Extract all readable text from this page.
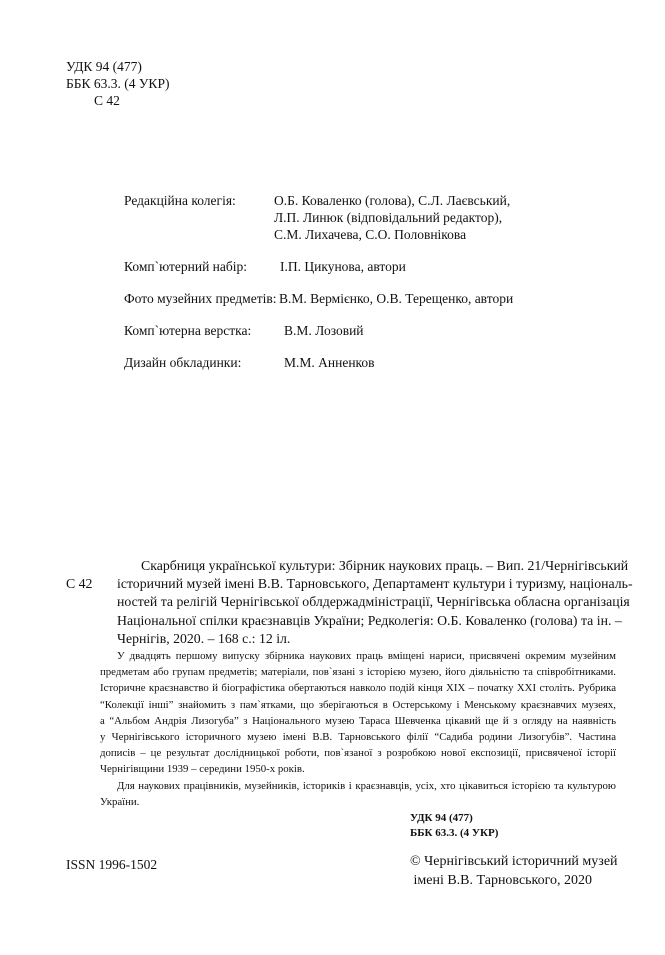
УДК 94 (477)
ББК 63.3. (4 УКР)
С 42
Редакційна колегія:	О.Б. Коваленко (голова), С.Л. Лаєвський,
Л.П. Линюк (відповідальний редактор),
С.М. Лихачева, С.О. Половнікова
Комп`ютерний набір: І.П. Цикунова, автори
Фото музейних предметів: В.М. Вермієнко, О.В. Терещенко, автори
Комп`ютерна верстка: В.М. Лозовий
Дизайн обкладинки:	М.М. Анненков
С 42
Скарбниця української культури: Збірник наукових праць. – Вип. 21/Чернігівський
історичний музей імені В.В. Тарновського, Департамент культури і туризму, національ-
ностей та релігій Чернігівської облдержадміністрації, Чернігівська обласна організація
Національної спілки краєзнавців України; Редколегія: О.Б. Коваленко (голова) та ін. –
Чернігів, 2020. – 168 с.: 12 іл.
У двадцять першому випуску збірника наукових праць вміщені нариси, присвячені окремим музейним
предметам або групам предметів; матеріали, пов`язані з історією музею, його діяльністю та співробітниками.
Історичне краєзнавство й біографістика обертаються навколо подій кінця XIX – початку XXI століть. Рубрика
“Колекції інші” знайомить з пам`ятками, що зберігаються в Остерському і Менському краєзнавчих музеях,
а “Альбом Андрія Лизогуба” з Національного музею Тараса Шевченка цікавий ще й з огляду на наявність
у Чернігівського історичного музею імені В.В. Тарновського філії “Садиба родини Лизогубів”. Частина
дописів – це результат дослідницької роботи, пов`язаної з розробкою нової експозиції, присвяченої історії
Чернігівщини 1939 – середини 1950-х років.
Для наукових працівників, музейників, істориків і краєзнавців, усіх, хто цікавиться історією та культурою
України.
УДК 94 (477)
ББК 63.3. (4 УКР)
ISSN 1996-1502	© Чернігівський історичний музей
імені В.В. Тарновського, 2020
